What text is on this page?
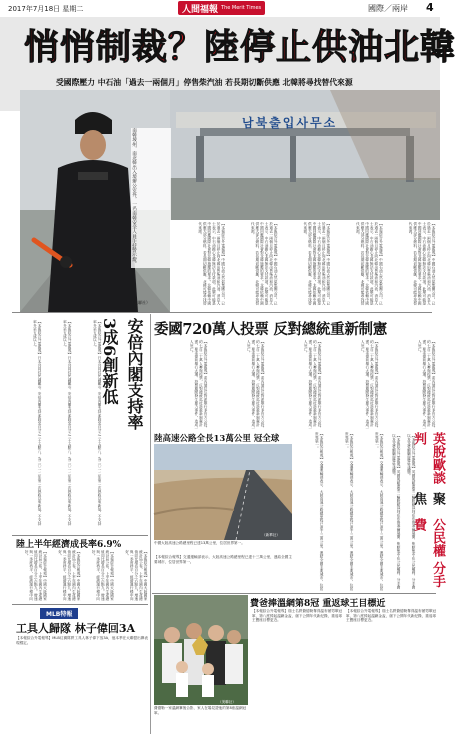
2017年7月18日 星期二	人間福報 The Merit Times	國際／兩岸 4
悄悄制裁？陸停止供油北韓
受國際壓力 中石油「過去一兩個月」停售柴汽油 若長期切斷供應 北韓將尋找替代來源
남북출입사무소
南韓坡州，南北韓出入境辦公室外，一名南韓安全人員手持警示燈。
（美聯社）	【本報綜合外電報導】中國石油天然氣集團公司，已於過去一兩個月停止向北韓出售柴油和汽油，消息人士表示，中石油擔心北韓無法支付款項。此舉可能是中國回應國際社會對北韓施壓的要求。北韓依賴中國供應大部分燃料，若長期切斷供應，北韓可能尋找替代來源。
【本報綜合外電報導】中國石油天然氣集團公司，已於過去一兩個月停止向北韓出售柴油和汽油，消息人士表示，中石油擔心北韓無法支付款項。此舉可能是中國回應國際社會對北韓施壓的要求。北韓依賴中國供應大部分燃料，若長期切斷供應，北韓可能尋找替代來源。
【本報綜合外電報導】中國石油天然氣集團公司，已於過去一兩個月停止向北韓出售柴油和汽油，消息人士表示，中石油擔心北韓無法支付款項。此舉可能是中國回應國際社會對北韓施壓的要求。北韓依賴中國供應大部分燃料，若長期切斷供應，北韓可能尋找替代來源。
【本報綜合外電報導】中國石油天然氣集團公司，已於過去一兩個月停止向北韓出售柴油和汽油，消息人士表示，中石油擔心北韓無法支付款項。此舉可能是中國回應國際社會對北韓施壓的要求。北韓依賴中國供應大部分燃料，若長期切斷供應，北韓可能尋找替代來源。
【本報綜合外電報導】中國石油天然氣集團公司，已於過去一兩個月停止向北韓出售柴油和汽油，消息人士表示，中石油擔心北韓無法支付款項。此舉可能是中國回應國際社會對北韓施壓的要求。北韓依賴中國供應大部分燃料，若長期切斷供應，北韓可能尋找替代來源。
安倍內閣支持率
3成6創新低
【本報綜合外電報導】日本共同社民調顯示，安倍內閣支持率降至百分之三十五點八，為二〇一二年第二次執政以來新低，不支持率升至五成以上。
【本報綜合外電報導】日本共同社民調顯示，安倍內閣支持率降至百分之三十五點八，為二〇一二年第二次執政以來新低，不支持率升至五成以上。
【本報綜合外電報導】日本共同社民調顯示，安倍內閣支持率降至百分之三十五點八，為二〇一二年第二次執政以來新低，不支持率升至五成以上。
陸上半年經濟成長率6.9%
【本報綜合報導】中國大陸國家統計局公布，上半年國內生產總值同比增長百分之六點九，增速與一季度持平，經濟運行穩中向好。
【本報綜合報導】中國大陸國家統計局公布，上半年國內生產總值同比增長百分之六點九，增速與一季度持平，經濟運行穩中向好。
【本報綜合報導】中國大陸國家統計局公布，上半年國內生產總值同比增長百分之六點九，增速與一季度持平，經濟運行穩中向好。
【本報綜合報導】中國大陸國家統計局公布，上半年國內生產總值同比增長百分之六點九，增速與一季度持平，經濟運行穩中向好。
MLB特報
工具人歸隊 林子偉回3A
【本報綜合外電報導】MLB紅襪隊將工具人林子偉下放3A，他本季在大聯盟出賽表現穩定。
委國720萬人投票 反對總統重新制憲
【本報綜合外電報導】委內瑞拉反對派舉行非官方公投，約七百二十萬人參與投票，反對總統馬杜洛重新制憲計畫，要求提前舉行大選。投票期間發生暴力事件，造成一人死亡。
【本報綜合外電報導】委內瑞拉反對派舉行非官方公投，約七百二十萬人參與投票，反對總統馬杜洛重新制憲計畫，要求提前舉行大選。投票期間發生暴力事件，造成一人死亡。
【本報綜合外電報導】委內瑞拉反對派舉行非官方公投，約七百二十萬人參與投票，反對總統馬杜洛重新制憲計畫，要求提前舉行大選。投票期間發生暴力事件，造成一人死亡。
【本報綜合外電報導】委內瑞拉反對派舉行非官方公投，約七百二十萬人參與投票，反對總統馬杜洛重新制憲計畫，要求提前舉行大選。投票期間發生暴力事件，造成一人死亡。
【本報綜合外電報導】委內瑞拉反對派舉行非官方公投，約七百二十萬人參與投票，反對總統馬杜洛重新制憲計畫，要求提前舉行大選。投票期間發生暴力事件，造成一人死亡。
陸高速公路全長13萬公里 冠全球
（新華社）
中國大陸高速公路總里程已達13萬公里，位居世界第一。
【本報綜合報導】交通運輸部表示，大陸高速公路總里程已達十三萬公里，連結全國主要城市，位居世界第一。	【本報綜合報導】交通運輸部表示，大陸高速公路總里程已達十三萬公里，連結全國主要城市，位居世界第一。
【本報綜合報導】交通運輸部表示，大陸高速公路總里程已達十三萬公里，連結全國主要城市，位居世界第一。
【本報綜合報導】交通運輸部表示，大陸高速公路總里程已達十三萬公里，連結全國主要城市，位居世界第一。	英脫歐談判
聚焦
公民權 分手費
【本報綜合外電報導】英國與歐盟第二輪脫歐談判在布魯塞爾展開，焦點集中在公民權利、分手費以及北愛爾蘭邊界等議題。
【本報綜合外電報導】英國與歐盟第二輪脫歐談判在布魯塞爾展開，焦點集中在公民權利、分手費以及北愛爾蘭邊界等議題。
費爸捧溫網第8冠 重返球王目標近
（美聯社）
費德勒一家溫網賽後合影，家人在場見證他的第8座溫網冠軍。
【本報綜合外電報導】瑞士名將費德勒奪得溫布頓男單冠軍，第八度捧起溫網金盃，創下公開年代新紀錄，重返球王寶座目標更近。
【本報綜合外電報導】瑞士名將費德勒奪得溫布頓男單冠軍，第八度捧起溫網金盃，創下公開年代新紀錄，重返球王寶座目標更近。
